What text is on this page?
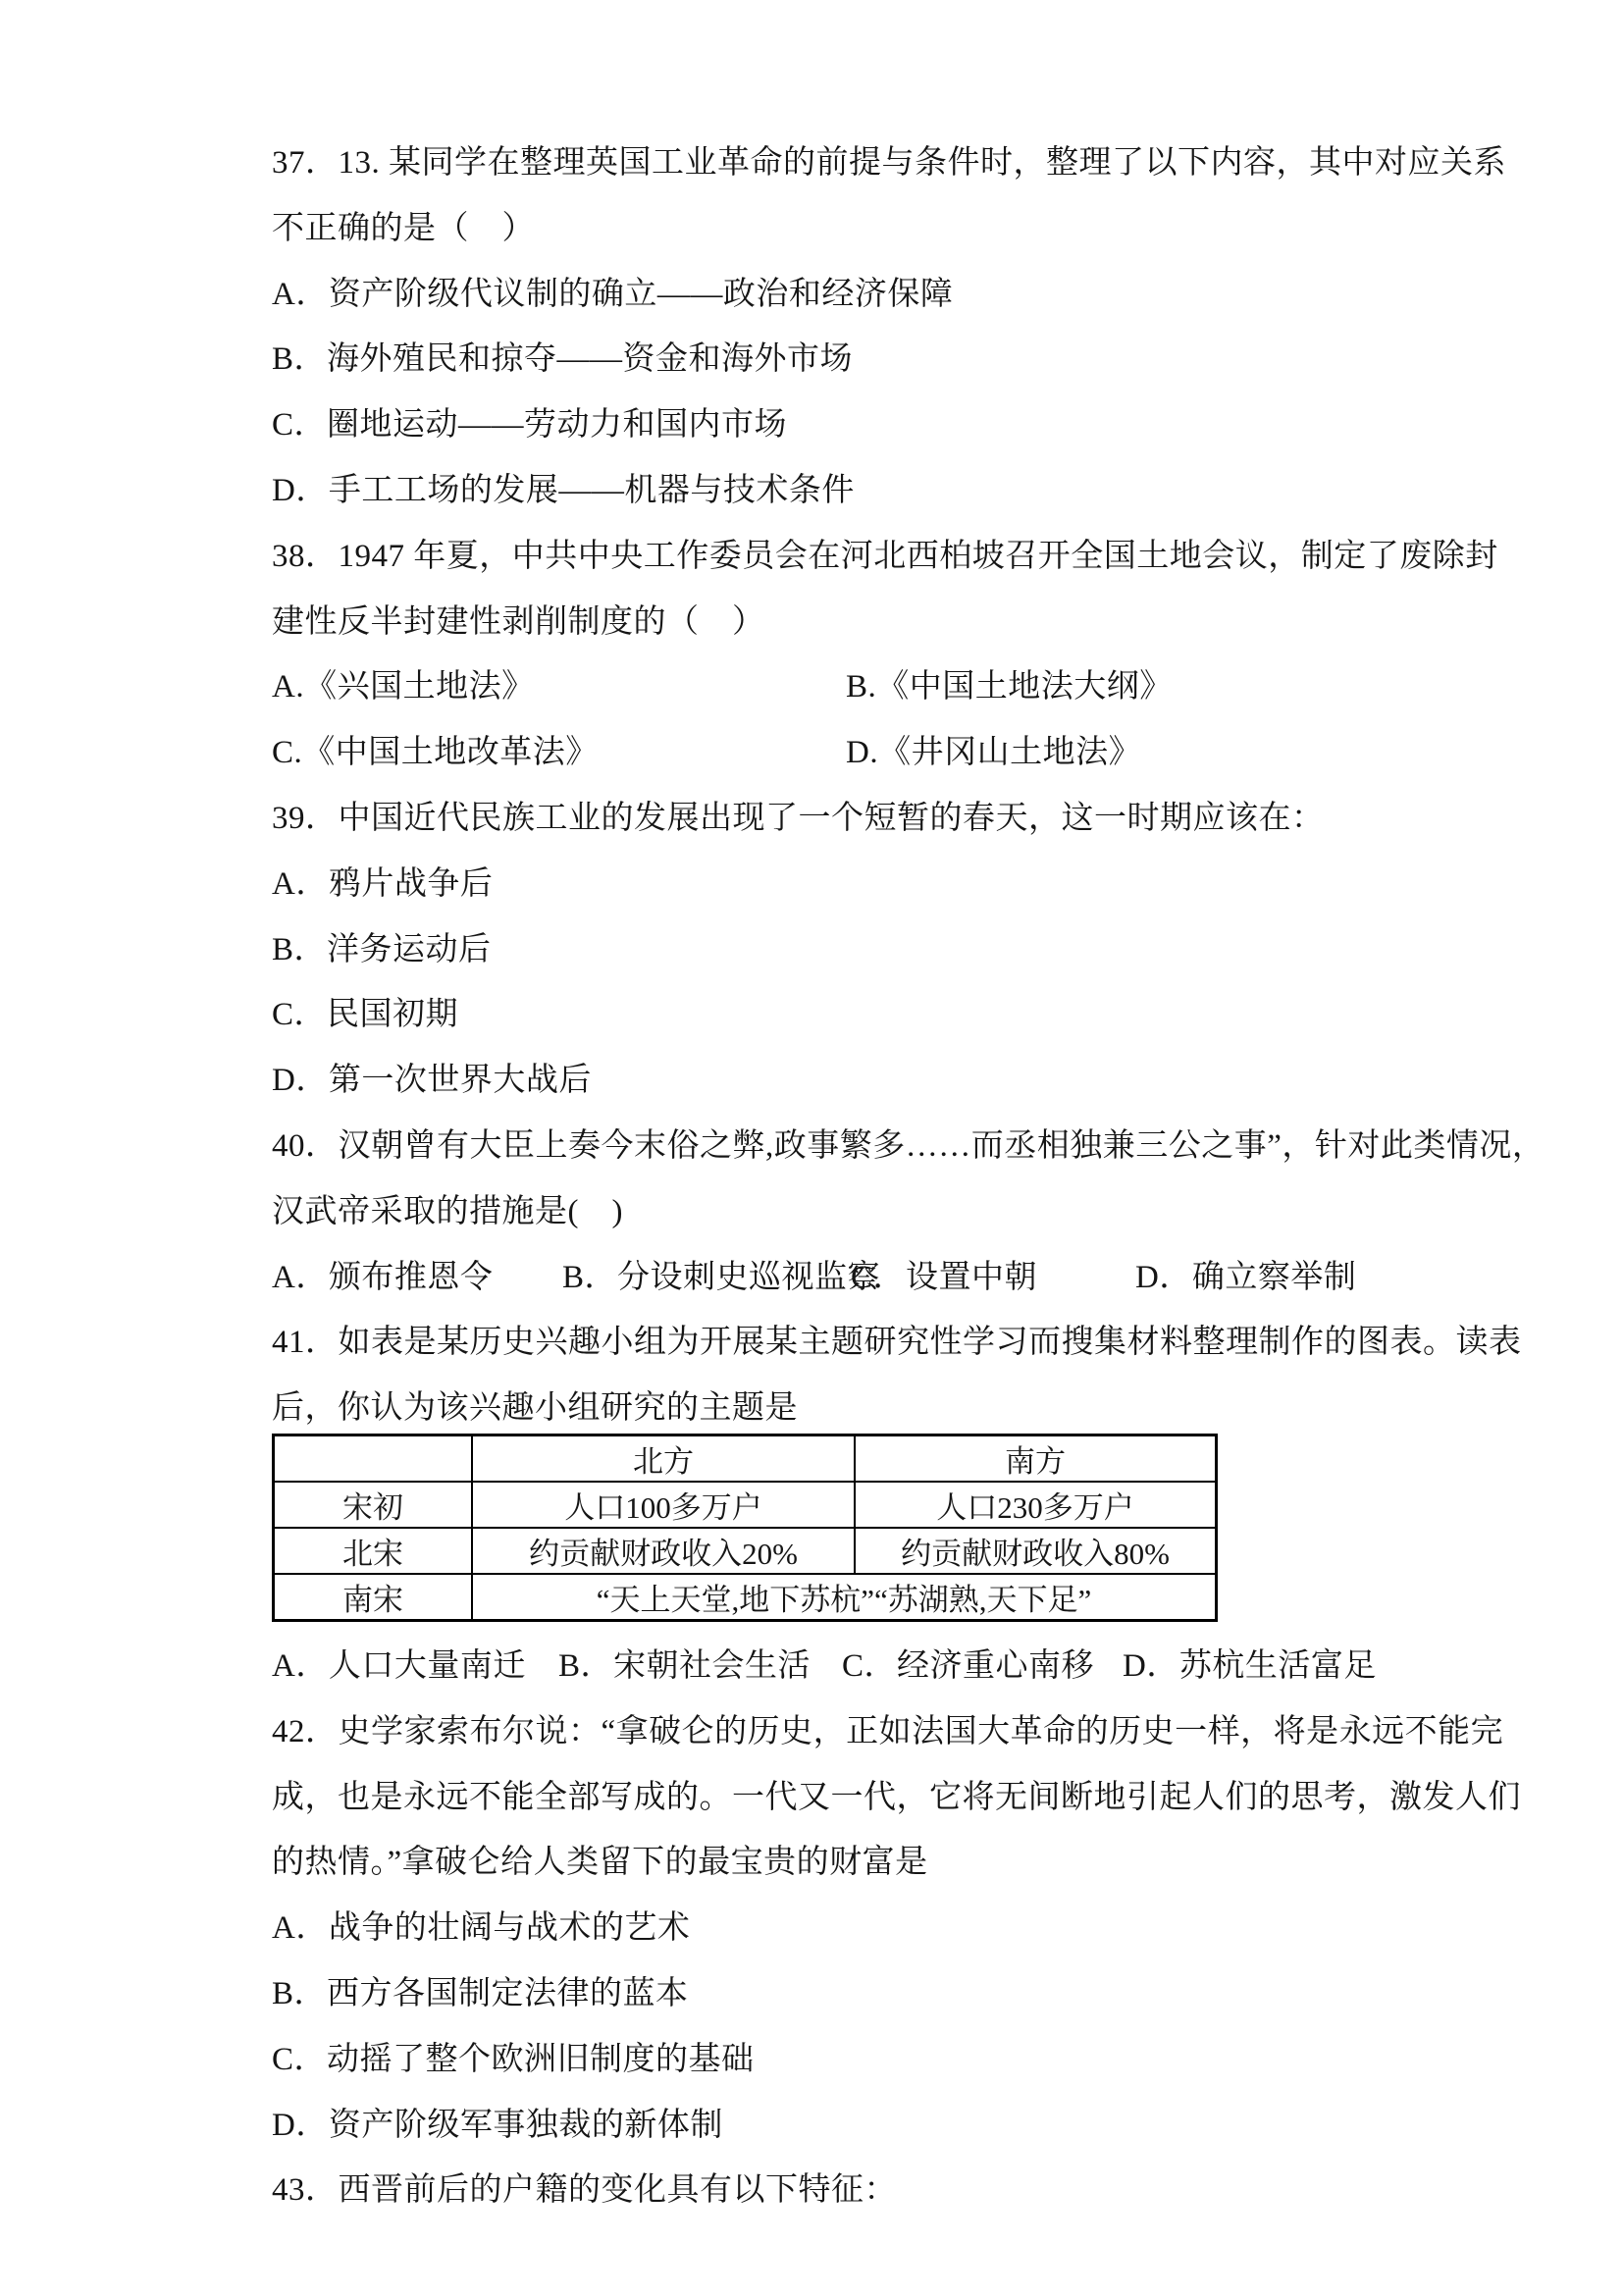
37．13. 某同学在整理英国工业革命的前提与条件时，整理了以下内容，其中对应关系
不正确的是（　）
A．资产阶级代议制的确立——政治和经济保障
B．海外殖民和掠夺——资金和海外市场
C．圈地运动——劳动力和国内市场
D．手工工场的发展——机器与技术条件
38．1947 年夏，中共中央工作委员会在河北西柏坡召开全国土地会议，制定了废除封
建性反半封建性剥削制度的（　）
A.《兴国土地法》	B.《中国土地法大纲》
C.《中国土地改革法》	D.《井冈山土地法》
39．中国近代民族工业的发展出现了一个短暂的春天，这一时期应该在：
A．鸦片战争后
B．洋务运动后
C．民国初期
D．第一次世界大战后
40．汉朝曾有大臣上奏今末俗之弊,政事繁多……而丞相独兼三公之事”，针对此类情况，
汉武帝采取的措施是(　)
A．颁布推恩令 B．分设刺史巡视监察
C．设置中朝	D．确立察举制
41．如表是某历史兴趣小组为开展某主题研究性学习而搜集材料整理制作的图表。读表
后，你认为该兴趣小组研究的主题是
	北方	南方
宋初	人口100多万户	人口230多万户
北宋	约贡献财政收入20%	约贡献财政收入80%
南宋	“天上天堂,地下苏杭”“苏湖熟,天下足”	
A．人口大量南迁 B．宋朝社会生活 C．经济重心南移 D．苏杭生活富足
42．史学家索布尔说：“拿破仑的历史，正如法国大革命的历史一样，将是永远不能完
成，也是永远不能全部写成的。一代又一代，它将无间断地引起人们的思考，激发人们
的热情。”拿破仑给人类留下的最宝贵的财富是
A．战争的壮阔与战术的艺术
B．西方各国制定法律的蓝本
C．动摇了整个欧洲旧制度的基础
D．资产阶级军事独裁的新体制
43．西晋前后的户籍的变化具有以下特征：
